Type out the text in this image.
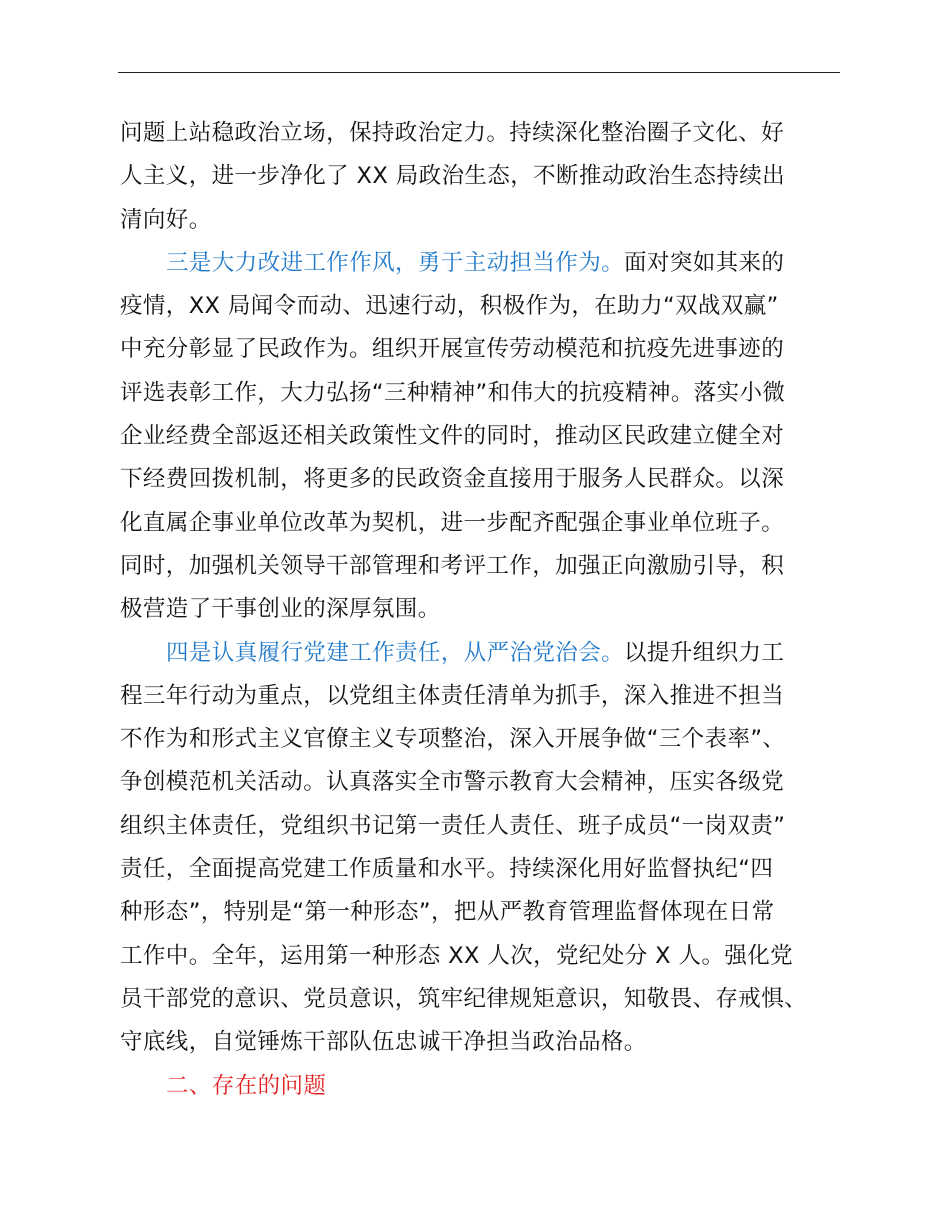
问题上站稳政治立场，保持政治定力。持续深化整治圈子文化、好
人主义，进一步净化了 XX 局政治生态，不断推动政治生态持续出
清向好。
三是大力改进工作作风，勇于主动担当作为。面对突如其来的
疫情，XX 局闻令而动、迅速行动，积极作为，在助力“双战双赢”
中充分彰显了民政作为。组织开展宣传劳动模范和抗疫先进事迹的
评选表彰工作，大力弘扬“三种精神”和伟大的抗疫精神。落实小微
企业经费全部返还相关政策性文件的同时，推动区民政建立健全对
下经费回拨机制，将更多的民政资金直接用于服务人民群众。以深
化直属企事业单位改革为契机，进一步配齐配强企事业单位班子。
同时，加强机关领导干部管理和考评工作，加强正向激励引导，积
极营造了干事创业的深厚氛围。
四是认真履行党建工作责任，从严治党治会。以提升组织力工
程三年行动为重点，以党组主体责任清单为抓手，深入推进不担当
不作为和形式主义官僚主义专项整治，深入开展争做“三个表率”、
争创模范机关活动。认真落实全市警示教育大会精神，压实各级党
组织主体责任，党组织书记第一责任人责任、班子成员“一岗双责”
责任，全面提高党建工作质量和水平。持续深化用好监督执纪“四
种形态”，特别是“第一种形态”，把从严教育管理监督体现在日常
工作中。全年，运用第一种形态 XX 人次，党纪处分 X 人。强化党
员干部党的意识、党员意识，筑牢纪律规矩意识，知敬畏、存戒惧、
守底线，自觉锤炼干部队伍忠诚干净担当政治品格。
二、存在的问题
